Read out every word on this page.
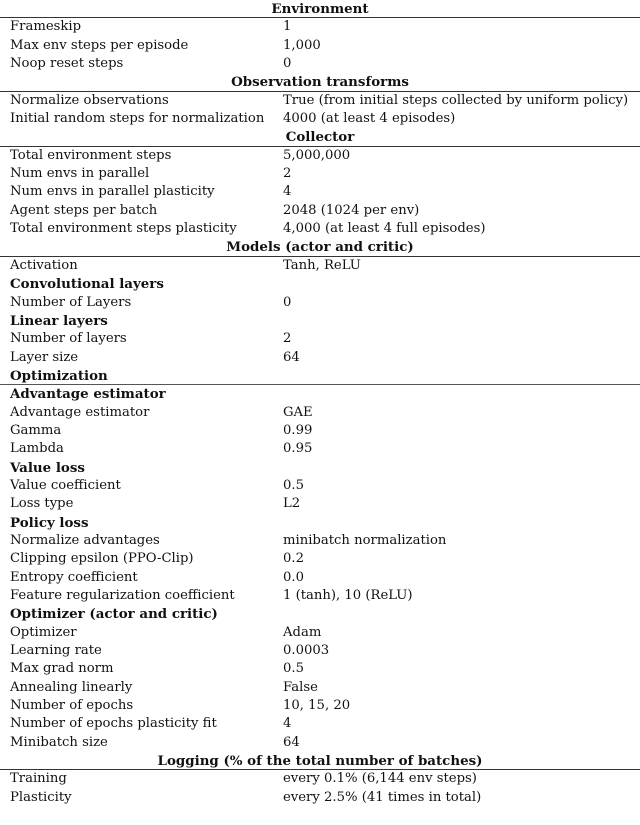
Environment
Frameskip	1
Max env steps per episode	1,000
Noop reset steps	0
Observation transforms
Normalize observations	True (from initial steps collected by uniform policy)
Initial random steps for normalization 4000 (at least 4 episodes)
Collector
Total environment steps	5,000,000
Num envs in parallel	2
Num envs in parallel plasticity	4
Agent steps per batch	2048 (1024 per env)
Total environment steps plasticity	4,000 (at least 4 full episodes)
Models (actor and critic)
Activation	Tanh, ReLU
Convolutional layers
Number of Layers	0
Linear layers
Number of layers	2
Layer size	64
Optimization
Advantage estimator
Advantage estimator	GAE
Gamma	0.99
Lambda	0.95
Value loss
Value coefficient	0.5
Loss type	L2
Policy loss
Normalize advantages	minibatch normalization
Clipping epsilon (PPO-Clip)	0.2
Entropy coefficient	0.0
Feature regularization coefficient	1 (tanh), 10 (ReLU)
Optimizer (actor and critic)
Optimizer	Adam
Learning rate	0.0003
Max grad norm	0.5
Annealing linearly	False
Number of epochs	10, 15, 20
Number of epochs plasticity fit	4
Minibatch size	64
Logging (% of the total number of batches)
Training	every 0.1% (6,144 env steps)
Plasticity	every 2.5% (41 times in total)
